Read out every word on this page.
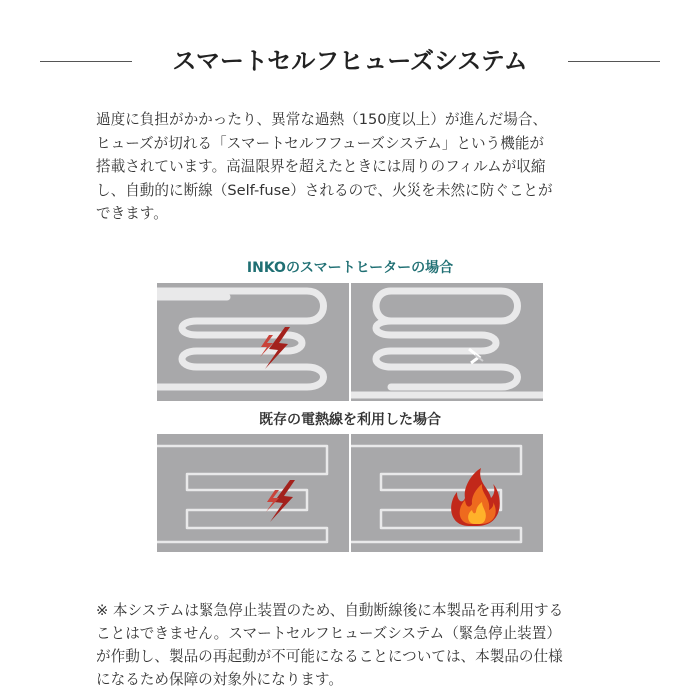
スマートセルフヒューズシステム
過度に負担がかかったり、異常な過熱（150度以上）が進んだ場合、
ヒューズが切れる「スマートセルフフューズシステム」という機能が
搭載されています。高温限界を超えたときには周りのフィルムが収縮
し、自動的に断線（Self-fuse）されるので、火災を未然に防ぐことが
できます。
INKOのスマートヒーターの場合
既存の電熱線を利用した場合
※ 本システムは緊急停止装置のため、自動断線後に本製品を再利用する
ことはできません。スマートセルフヒューズシステム（緊急停止装置）
が作動し、製品の再起動が不可能になることについては、本製品の仕様
になるため保障の対象外になります。
